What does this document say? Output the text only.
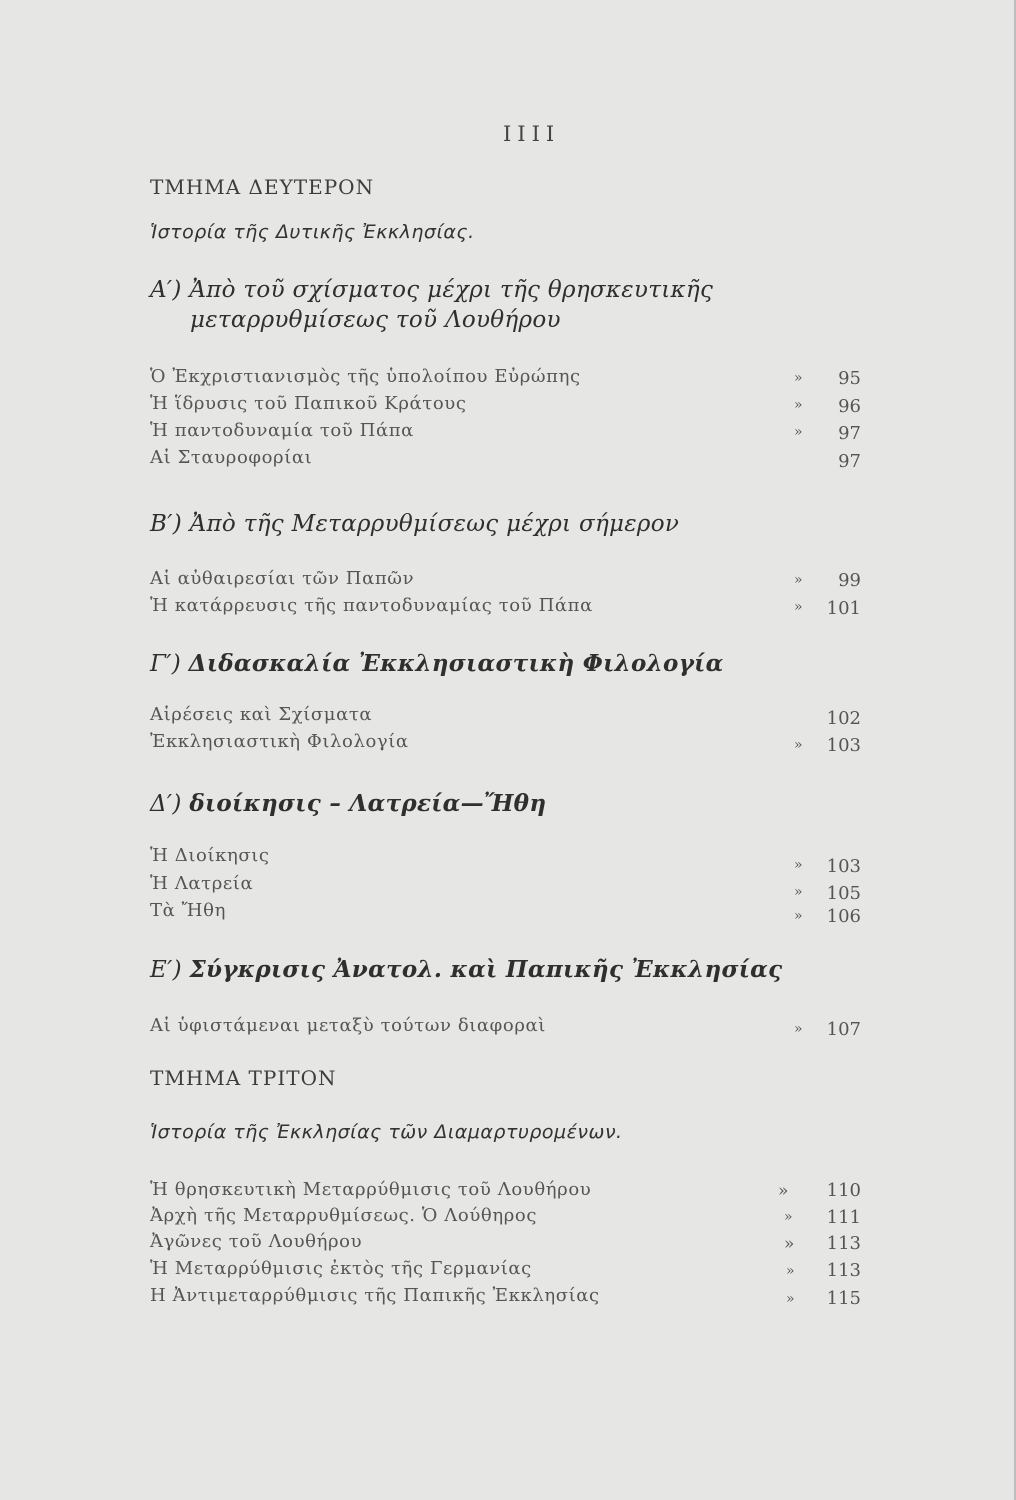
IIII
ΤΜΗΜΑ ΔΕΥΤΕΡΟΝ
Ἱστορία τῆς Δυτικῆς Ἐκκλησίας.
Α′) Ἀπὸ τοῦ σχίσματος μέχρι τῆς θρησκευτικῆς
μεταρρυθμίσεως τοῦ Λουθήρου
Ὁ Ἐκχριστιανισμὸς τῆς ὑπολοίπου Εὐρώπης	»	95
Ἡ ἵδρυσις τοῦ Παπικοῦ Κράτους	»	96
Ἡ παντοδυναμία τοῦ Πάπα	»	97
Αἱ Σταυροφορίαι	97
Β′) Ἀπὸ τῆς Μεταρρυθμίσεως μέχρι σήμερον
Αἱ αὐθαιρεσίαι τῶν Παπῶν	»	99
Ἡ κατάρρευσις τῆς παντοδυναμίας τοῦ Πάπα	»	101
Γ′) Διδασκαλία Ἐκκλησιαστικὴ Φιλολογία
Αἱρέσεις καὶ Σχίσματα	102
Ἐκκλησιαστικὴ Φιλολογία	»	103
Δ′) διοίκησις – Λατρεία—Ἤθη
Ἡ Διοίκησις	»	103
Ἡ Λατρεία	»	105
Τὰ Ἤθη	»	106
Ε′) Σύγκρισις Ἀνατολ. καὶ Παπικῆς Ἐκκλησίας
Αἱ ὑφιστάμεναι μεταξὺ τούτων διαφοραὶ	»	107
ΤΜΗΜΑ ΤΡΙΤΟΝ
Ἱστορία τῆς Ἐκκλησίας τῶν Διαμαρτυρομένων.
Ἡ θρησκευτικὴ Μεταρρύθμισις τοῦ Λουθήρου	»	110
Ἀρχὴ τῆς Μεταρρυθμίσεως. Ὁ Λούθηρος	»	111
Ἀγῶνες τοῦ Λουθήρου	»	113
Ἡ Μεταρρύθμισις ἐκτὸς τῆς Γερμανίας	»	113
Η Ἀντιμεταρρύθμισις τῆς Παπικῆς Ἐκκλησίας	»	115
